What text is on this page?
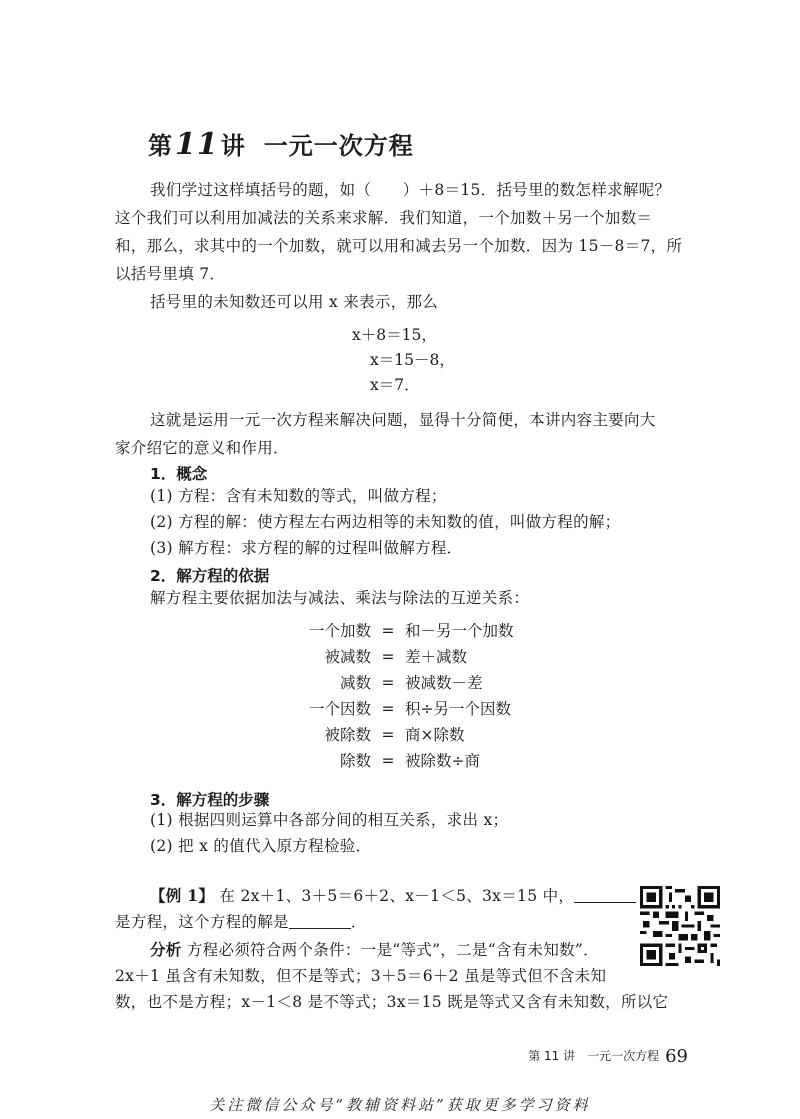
第11讲 一元一次方程
我们学过这样填括号的题，如（　　）＋8＝15．括号里的数怎样求解呢？
这个我们可以利用加减法的关系来求解．我们知道，一个加数＋另一个加数＝
和，那么，求其中的一个加数，就可以用和减去另一个加数．因为 15－8＝7，所
以括号里填 7．
括号里的未知数还可以用 x 来表示，那么
x＋8＝15，
x＝15－8，
x＝7．
这就是运用一元一次方程来解决问题，显得十分简便，本讲内容主要向大
家介绍它的意义和作用．
1．概念
(1) 方程：含有未知数的等式，叫做方程；
(2) 方程的解：使方程左右两边相等的未知数的值，叫做方程的解；
(3) 解方程：求方程的解的过程叫做解方程．
2．解方程的依据
解方程主要依据加法与减法、乘法与除法的互逆关系：
一个加数 = 和－另一个加数
被减数 = 差＋减数
减数 = 被减数－差
一个因数 = 积÷另一个因数
被除数 = 商×除数
除数 = 被除数÷商
3．解方程的步骤
(1) 根据四则运算中各部分间的相互关系，求出 x；
(2) 把 x 的值代入原方程检验．
【例 1】 在 2x＋1、3＋5＝6＋2、x－1＜5、3x＝15 中，
是方程，这个方程的解是	．
分析 方程必须符合两个条件：一是“等式”，二是“含有未知数”．
2x＋1 虽含有未知数，但不是等式；3＋5＝6＋2 虽是等式但不含未知
数，也不是方程；x－1＜8 是不等式；3x＝15 既是等式又含有未知数，所以它
第 11 讲　一元一次方程 69
关注微信公众号“教辅资料站”获取更多学习资料
